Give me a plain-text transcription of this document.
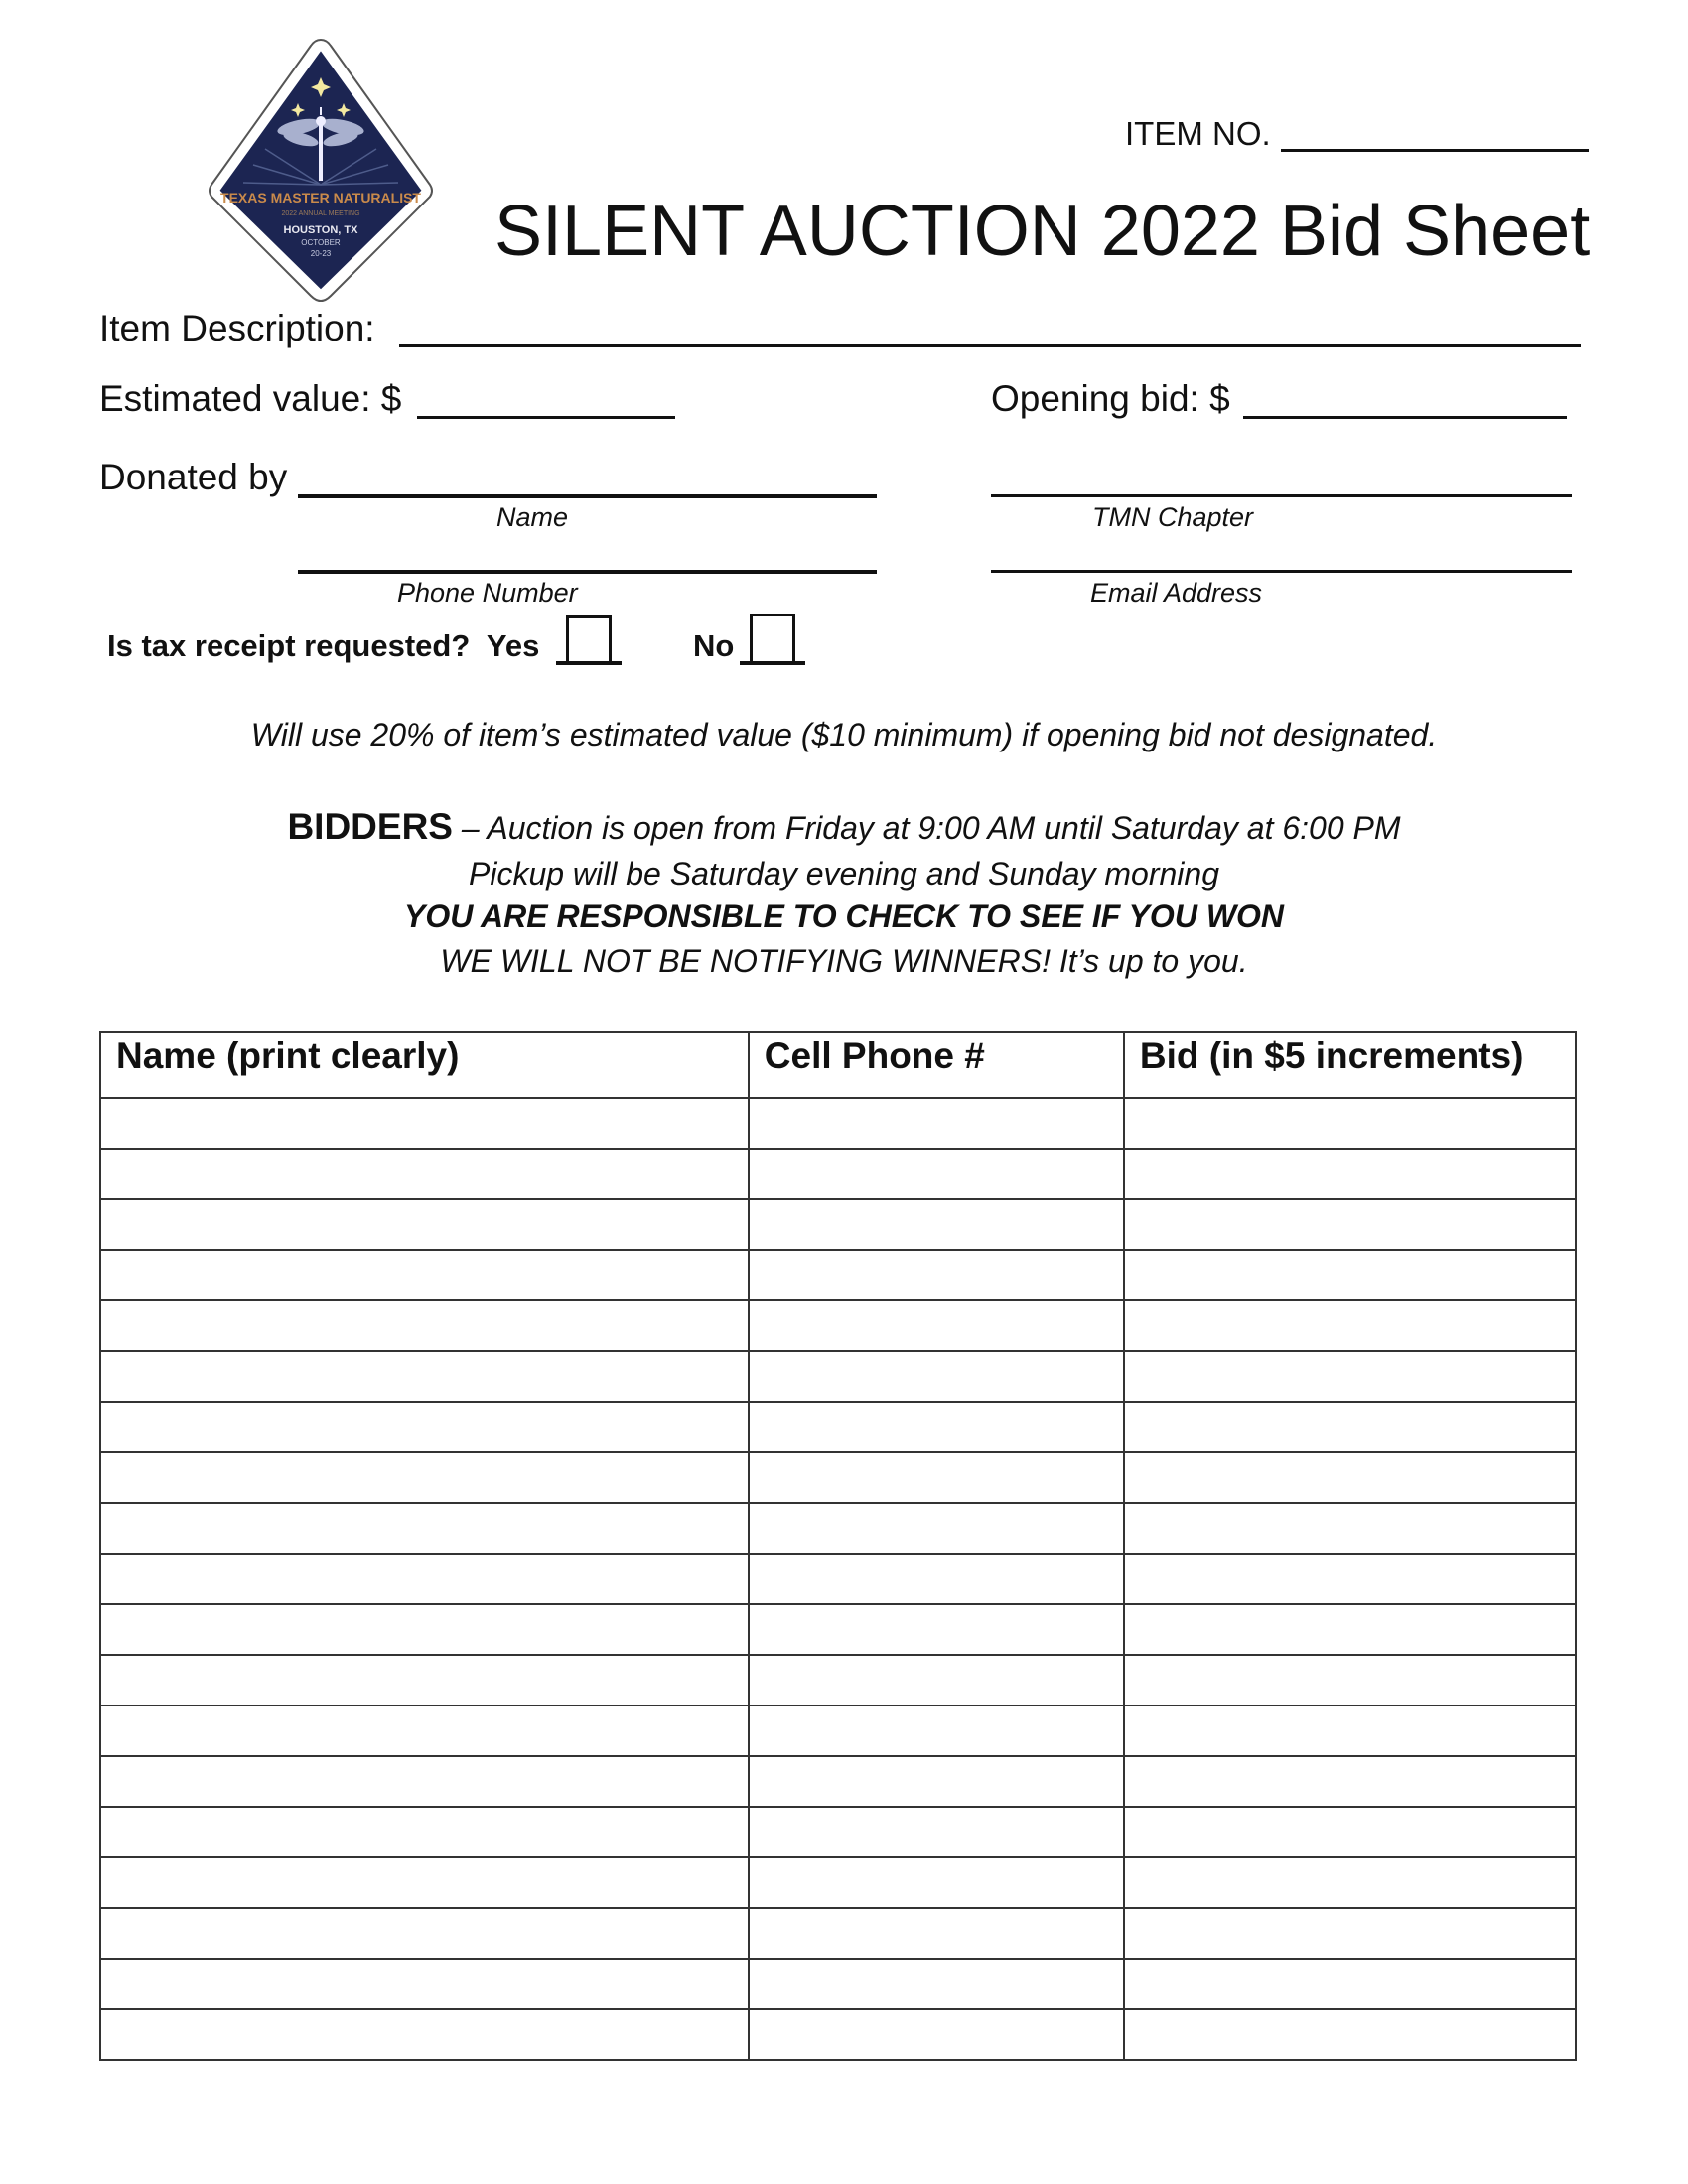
TEXAS MASTER NATURALIST
2022 ANNUAL MEETING
HOUSTON, TX
OCTOBER
20-23
ITEM NO.
SILENT AUCTION 2022 Bid Sheet
Item Description:
Estimated value: $	Opening bid: $
Donated by
Name	TMN Chapter
Phone Number	Email Address
Is tax receipt requested? Yes	No
Will use 20% of item’s estimated value ($10 minimum) if opening bid not designated.
BIDDERS – Auction is open from Friday at 9:00 AM until Saturday at 6:00 PM
Pickup will be Saturday evening and Sunday morning
YOU ARE RESPONSIBLE TO CHECK TO SEE IF YOU WON
WE WILL NOT BE NOTIFYING WINNERS! It’s up to you.
Name (print clearly)	Cell Phone #	Bid (in $5 increments)
